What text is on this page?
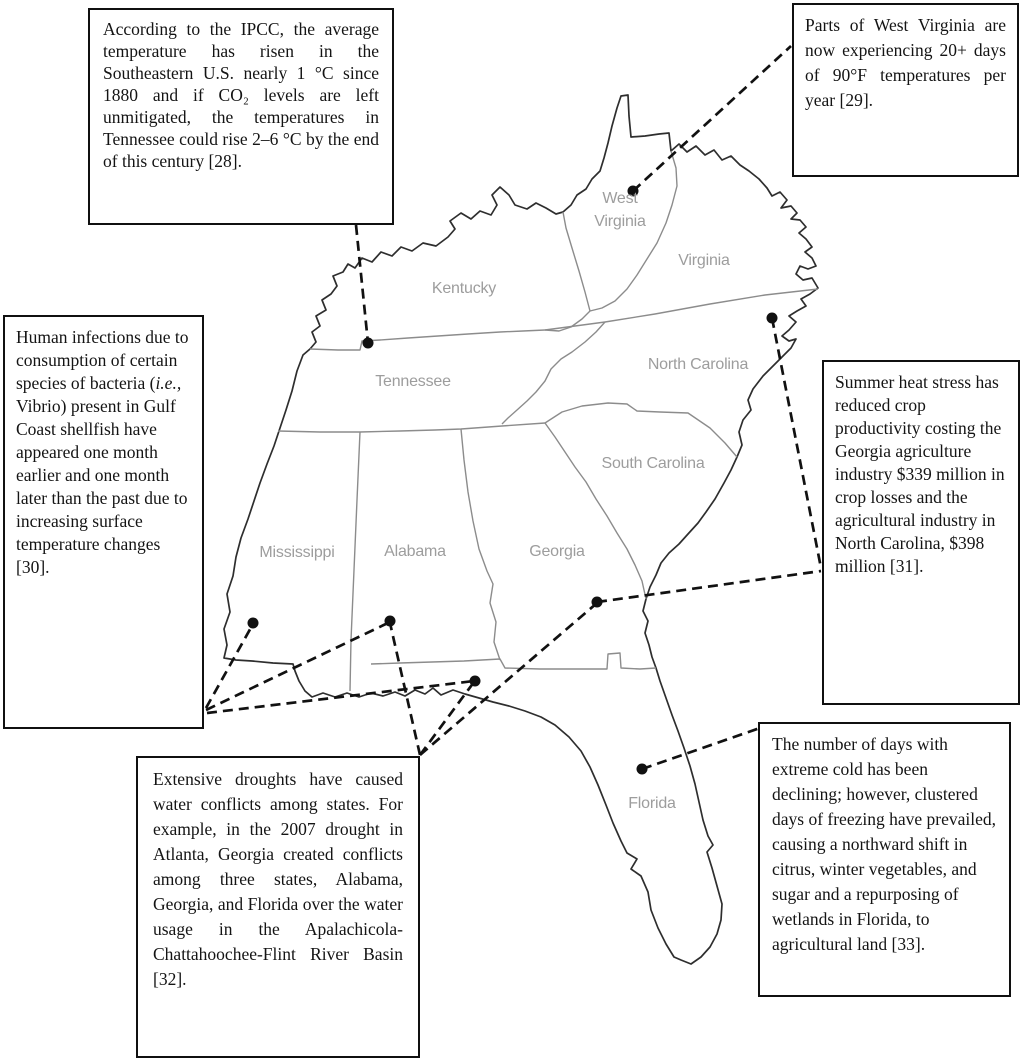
Kentucky
West
Virginia
Virginia
Tennessee
North Carolina
South Carolina
Mississippi	Alabama	Georgia
Florida

According to the IPCC, the average temperature has risen in the Southeastern U.S. nearly 1 °C since 1880 and if CO₂ levels are left unmitigated, the temperatures in Tennessee could rise 2–6 °C by the end of this century [28].

Parts of West Virginia are now experiencing 20+ days of 90°F temperatures per year [29].

Human infections due to consumption of certain species of bacteria (i.e., Vibrio) present in Gulf Coast shellfish have appeared one month earlier and one month later than the past due to increasing surface temperature changes [30].

Summer heat stress has reduced crop productivity costing the Georgia agriculture industry $339 million in crop losses and the agricultural industry in North Carolina, $398 million [31].

Extensive droughts have caused water conflicts among states. For example, in the 2007 drought in Atlanta, Georgia created conflicts among three states, Alabama, Georgia, and Florida over the water usage in the Apalachicola-Chattahoochee-Flint River Basin [32].

The number of days with extreme cold has been declining; however, clustered days of freezing have prevailed, causing a northward shift in citrus, winter vegetables, and sugar and a repurposing of wetlands in Florida, to agricultural land [33].
